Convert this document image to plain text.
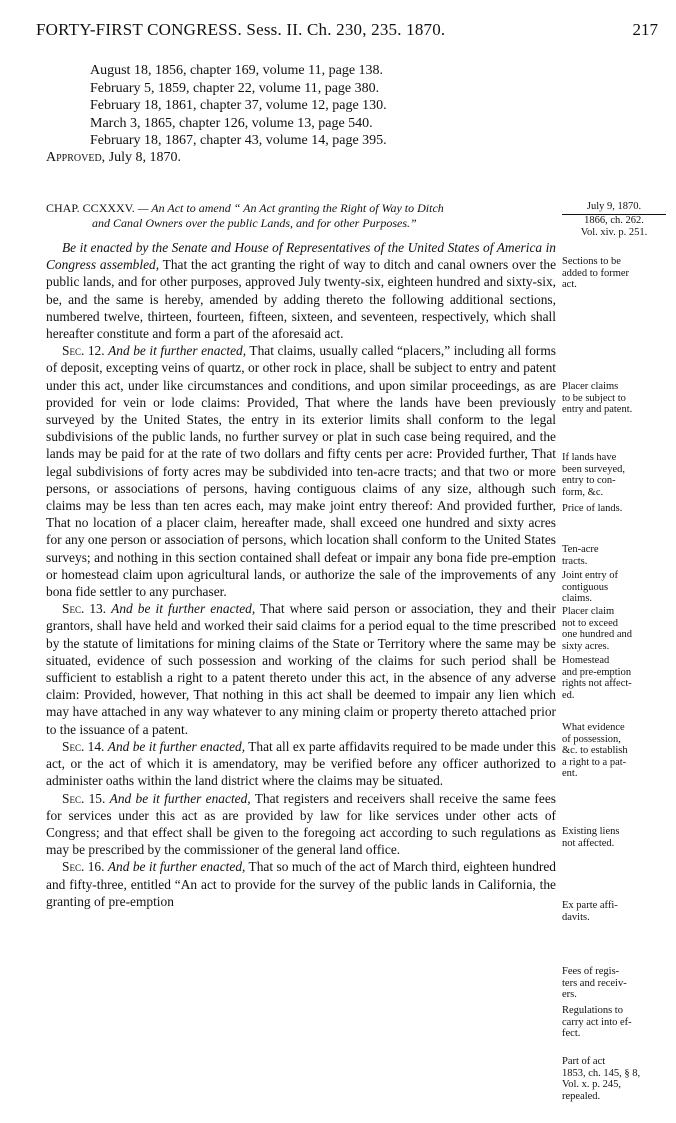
FORTY-FIRST CONGRESS. Sess. II. Ch. 230, 235. 1870.	217
August 18, 1856, chapter 169, volume 11, page 138.
February 5, 1859, chapter 22, volume 11, page 380.
February 18, 1861, chapter 37, volume 12, page 130.
March 3, 1865, chapter 126, volume 13, page 540.
February 18, 1867, chapter 43, volume 14, page 395.
Approved, July 8, 1870.
July 9, 1870.
1866, ch. 262.
Vol. xiv. p. 251.
CHAP. CCXXXV. — An Act to amend “ An Act granting the Right of Way to Ditch
and Canal Owners over the public Lands, and for other Purposes.”

Be it enacted by the Senate and House of Representatives of the United States of America in Congress assembled, That the act granting the right of way to ditch and canal owners over the public lands, and for other purposes, approved July twenty-six, eighteen hundred and sixty-six, be, and the same is hereby, amended by adding thereto the following additional sections, numbered twelve, thirteen, fourteen, fifteen, sixteen, and seventeen, respectively, which shall hereafter constitute and form a part of the aforesaid act.

Sec. 12. And be it further enacted, That claims, usually called “placers,” including all forms of deposit, excepting veins of quartz, or other rock in place, shall be subject to entry and patent under this act, under like circumstances and conditions, and upon similar proceedings, as are provided for vein or lode claims: Provided, That where the lands have been previously surveyed by the United States, the entry in its exterior limits shall conform to the legal subdivisions of the public lands, no further survey or plat in such case being required, and the lands may be paid for at the rate of two dollars and fifty cents per acre: Provided further, That legal subdivisions of forty acres may be subdivided into ten-acre tracts; and that two or more persons, or associations of persons, having contiguous claims of any size, although such claims may be less than ten acres each, may make joint entry thereof: And provided further, That no location of a placer claim, hereafter made, shall exceed one hundred and sixty acres for any one person or association of persons, which location shall conform to the United States surveys; and nothing in this section contained shall defeat or impair any bona fide pre-emption or homestead claim upon agricultural lands, or authorize the sale of the improvements of any bona fide settler to any purchaser.

Sec. 13. And be it further enacted, That where said person or association, they and their grantors, shall have held and worked their said claims for a period equal to the time prescribed by the statute of limitations for mining claims of the State or Territory where the same may be situated, evidence of such possession and working of the claims for such period shall be sufficient to establish a right to a patent thereto under this act, in the absence of any adverse claim: Provided, however, That nothing in this act shall be deemed to impair any lien which may have attached in any way whatever to any mining claim or property thereto attached prior to the issuance of a patent.

Sec. 14. And be it further enacted, That all ex parte affidavits required to be made under this act, or the act of which it is amendatory, may be verified before any officer authorized to administer oaths within the land district where the claims may be situated.

Sec. 15. And be it further enacted, That registers and receivers shall receive the same fees for services under this act as are provided by law for like services under other acts of Congress; and that effect shall be given to the foregoing act according to such regulations as may be prescribed by the commissioner of the general land office.

Sec. 16. And be it further enacted, That so much of the act of March third, eighteen hundred and fifty-three, entitled “An act to provide for the survey of the public lands in California, the granting of pre-emption

Sections to be
added to former
act.
Placer claims
to be subject to
entry and patent.
If lands have
been surveyed,
entry to con-
form, &c.
Price of lands.
Ten-acre
tracts.
Joint entry of
contiguous
claims.
Placer claim
not to exceed
one hundred and
sixty acres.
Homestead
and pre-emption
rights not affect-
ed.
What evidence
of possession,
&c. to establish
a right to a pat-
ent.
Existing liens
not affected.
Ex parte affi-
davits.
Fees of regis-
ters and receiv-
ers.
Regulations to
carry act into ef-
fect.
Part of act
1853, ch. 145, § 8,
Vol. x. p. 245,
repealed.
